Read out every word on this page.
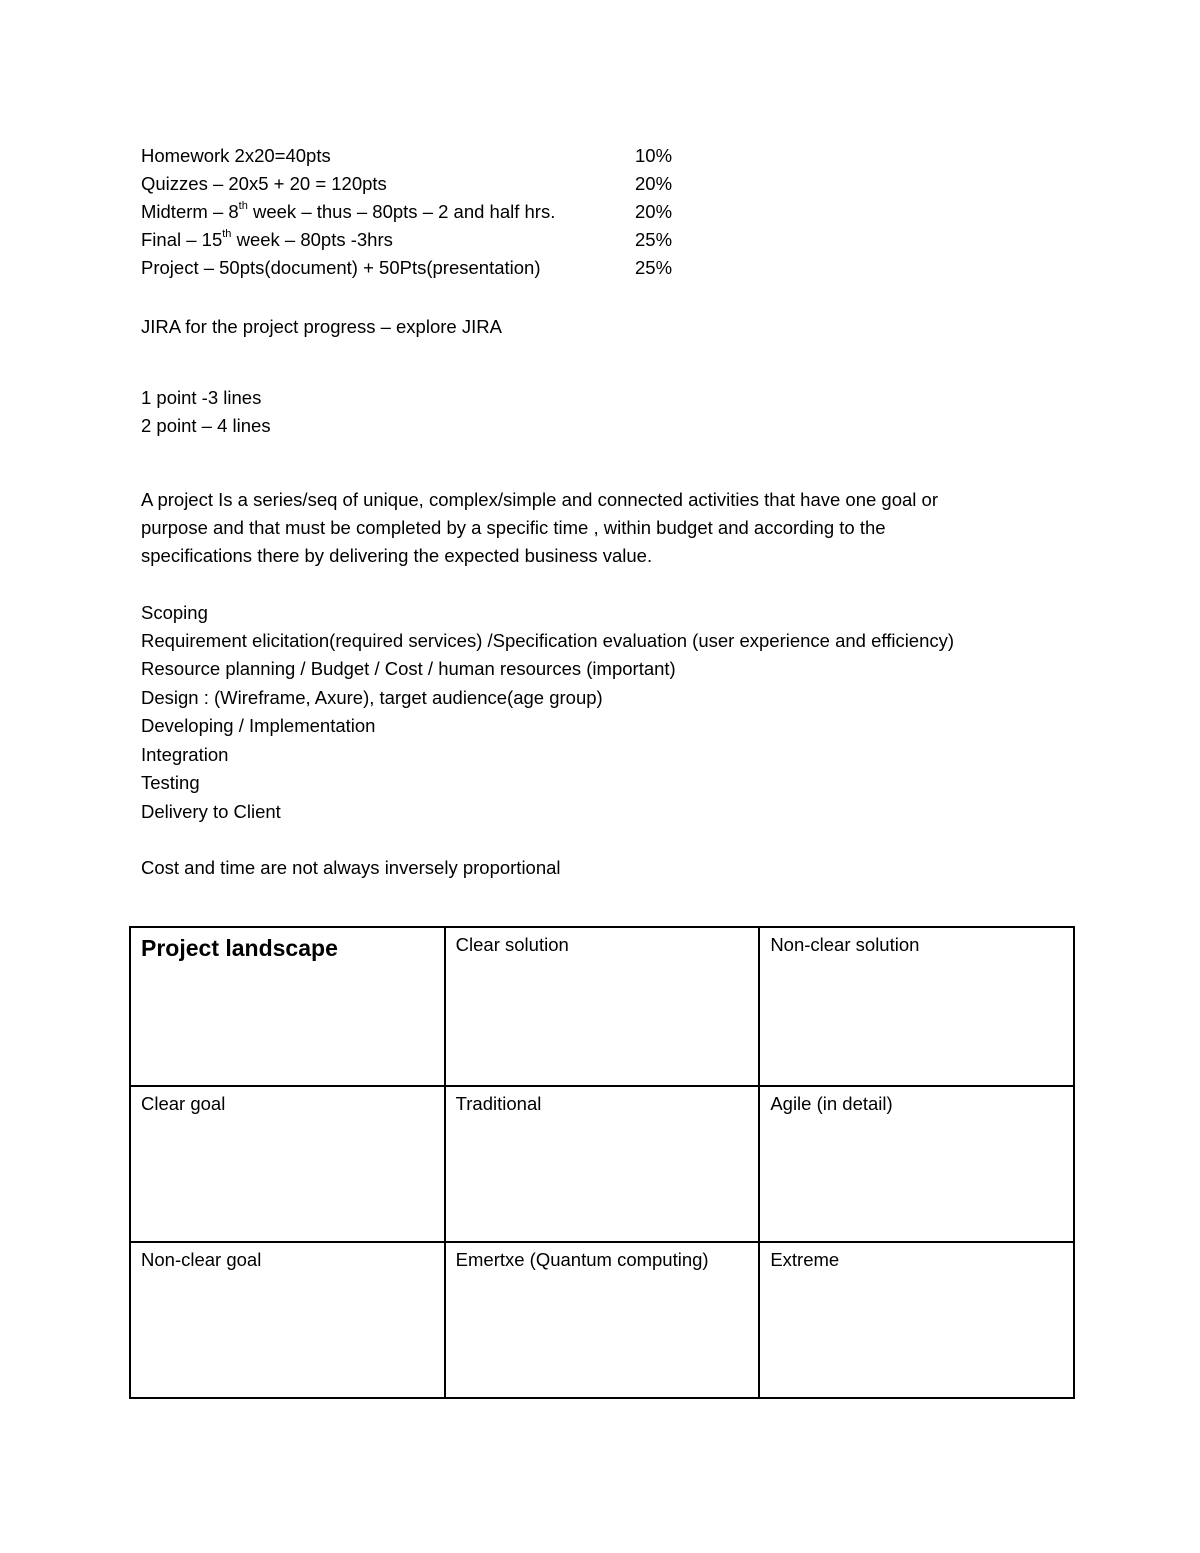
Homework 2x20=40pts	10%
Quizzes – 20x5 + 20 = 120pts	20%
Midterm – 8th week – thus – 80pts – 2 and half hrs.	20%
Final – 15th week – 80pts -3hrs	25%
Project – 50pts(document) + 50Pts(presentation)	25%
JIRA for the project progress – explore JIRA
1 point -3 lines
2 point – 4 lines
A project Is a series/seq of unique, complex/simple and connected activities that have one goal or
purpose and that must be completed by a specific time , within budget and according to the
specifications there by delivering the expected business value.
Scoping
Requirement elicitation(required services) /Specification evaluation (user experience and efficiency)
Resource planning / Budget / Cost / human resources (important)
Design : (Wireframe, Axure), target audience(age group)
Developing / Implementation
Integration
Testing
Delivery to Client
Cost and time are not always inversely proportional
Project landscape	Clear solution	Non-clear solution
Clear goal	Traditional	Agile (in detail)
Non-clear goal	Emertxe (Quantum computing)	Extreme
